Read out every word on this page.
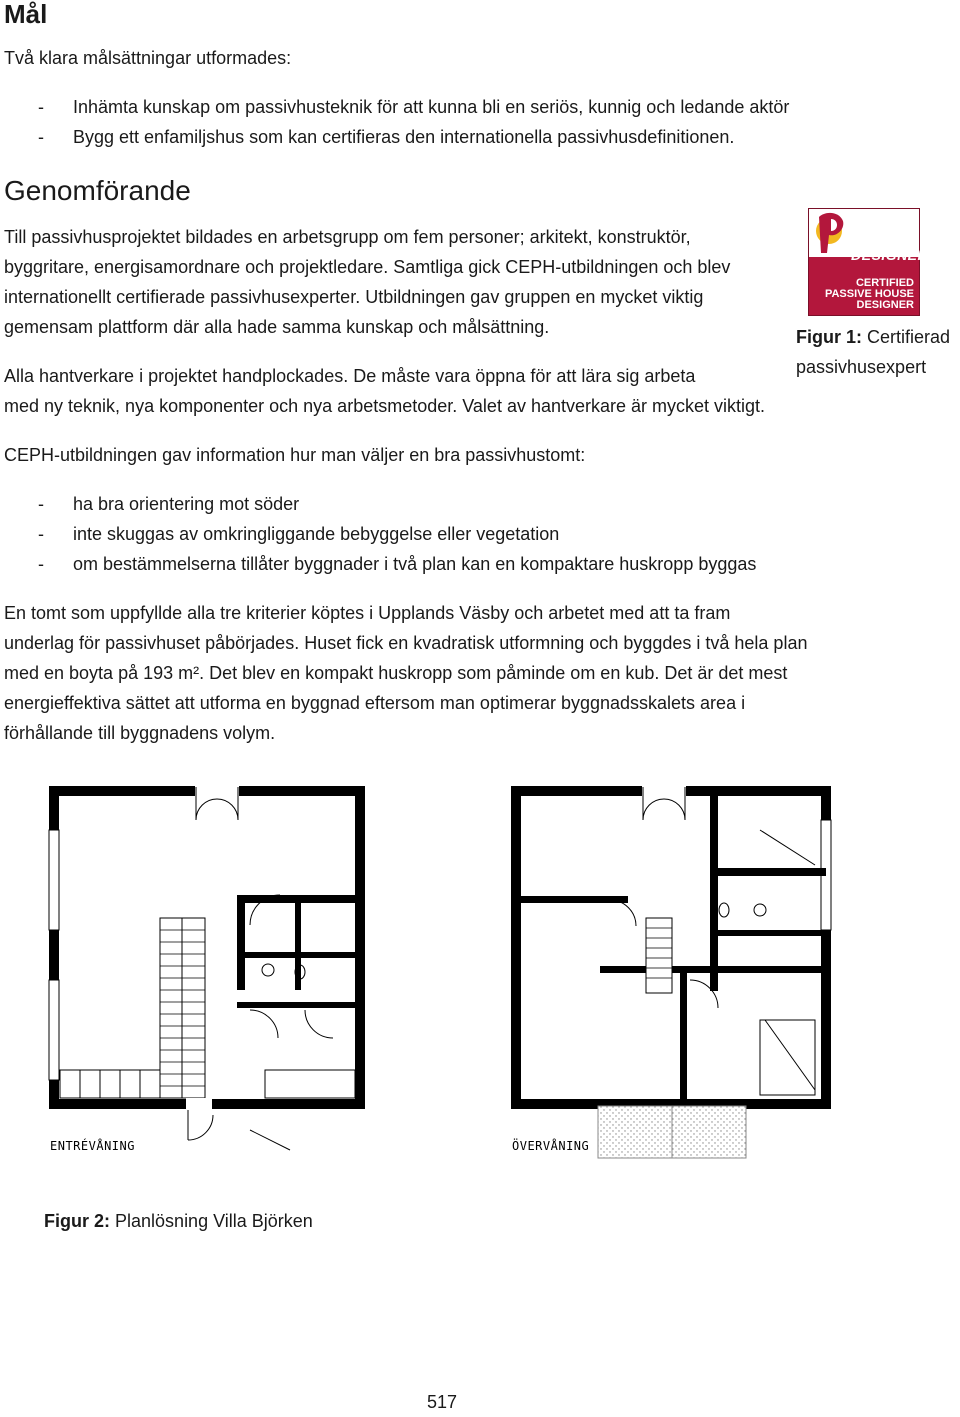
Mål
Två klara målsättningar utformades:
- Inhämta kunskap om passivhusteknik för att kunna bli en seriös, kunnig och ledande aktör
- Bygg ett enfamiljshus som kan certifieras den internationella passivhusdefinitionen.
Genomförande
Till passivhusprojektet bildades en arbetsgrupp om fem personer; arkitekt, konstruktör,
byggritare, energisamordnare och projektledare. Samtliga gick CEPH-utbildningen och blev
internationellt certifierade passivhusexperter. Utbildningen gav gruppen en mycket viktig
gemensam plattform där alla hade samma kunskap och målsättning.
Alla hantverkare i projektet handplockades. De måste vara öppna för att lära sig arbeta
med ny teknik, nya komponenter och nya arbetsmetoder. Valet av hantverkare är mycket viktigt.
DESIGNER
CERTIFIED
PASSIVE HOUSE
DESIGNER
Figur 1: Certifierad
passivhusexpert
CEPH-utbildningen gav information hur man väljer en bra passivhustomt:
- ha bra orientering mot söder
- inte skuggas av omkringliggande bebyggelse eller vegetation
- om bestämmelserna tillåter byggnader i två plan kan en kompaktare huskropp byggas
En tomt som uppfyllde alla tre kriterier köptes i Upplands Väsby och arbetet med att ta fram
underlag för passivhuset påbörjades. Huset fick en kvadratisk utformning och byggdes i två hela plan
med en boyta på 193 m². Det blev en kompakt huskropp som påminde om en kub. Det är det mest
energieffektiva sättet att utforma en byggnad eftersom man optimerar byggnadsskalets area i
förhållande till byggnadens volym.
ENTRÉVÅNING	ÖVERVÅNING
Figur 2: Planlösning Villa Björken
517
